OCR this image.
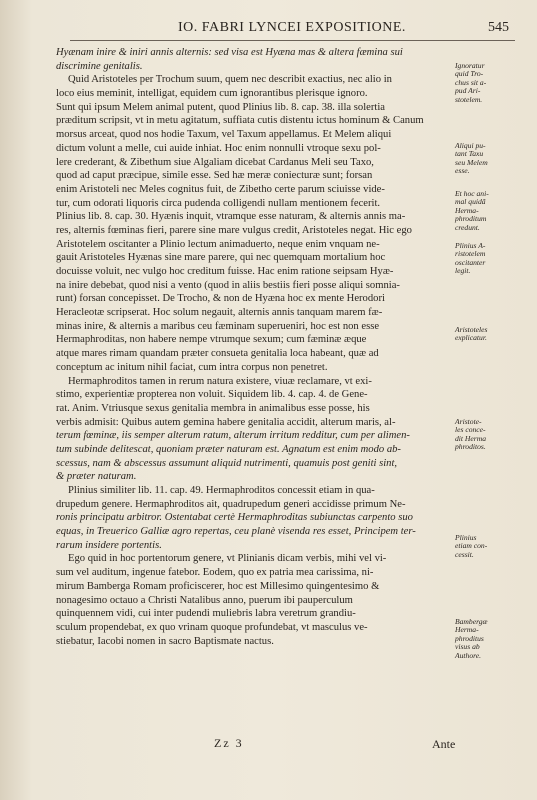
IO. FABRI LYNCEI EXPOSITIONE.	545
Hyænam inire & iniri annis alternis: sed visa est Hyæna mas & altera fæmina sui
discrimine genitalis.
Quid Aristoteles per Trochum suum, quem nec describit exactius, nec alio in
loco eius meminit, intelligat, equidem cum ignorantibus plerisque ignoro.
Sunt qui ipsum Melem animal putent, quod Plinius lib. 8. cap. 38. illa solertia
præditum scripsit, vt in metu agitatum, suffiata cutis distentu ictus hominum & Canum
morsus arceat, quod nos hodie Taxum, vel Taxum appellamus. Et Melem aliqui
dictum volunt a melle, cui auide inhiat. Hoc enim nonnulli vtroque sexu pol-
lere crederant, & Zibethum siue Algaliam dicebat Cardanus Meli seu Taxo,
quod ad caput præcipue, simile esse. Sed hæ meræ coniecturæ sunt; forsan
enim Aristoteli nec Meles cognitus fuit, de Zibetho certe parum sciuisse vide-
tur, cum odorati liquoris circa pudenda colligendi nullam mentionem fecerit.
Plinius lib. 8. cap. 30. Hyænis inquit, vtramque esse naturam, & alternis annis ma-
res, alternis fœminas fieri, parere sine mare vulgus credit, Aristoteles negat. Hic ego
Aristotelem oscitanter a Plinio lectum animaduerto, neque enim vnquam ne-
gauit Aristoteles Hyænas sine mare parere, qui nec quemquam mortalium hoc
docuisse voluit, nec vulgo hoc creditum fuisse. Hac enim ratione seipsam Hyæ-
na inire debebat, quod nisi a vento (quod in aliis bestiis fieri posse aliqui somnia-
runt) forsan concepisset. De Trocho, & non de Hyæna hoc ex mente Herodori
Heracleotæ scripserat. Hoc solum negauit, alternis annis tanquam marem fæ-
minas inire, & alternis a maribus ceu fæminam superueniri, hoc est non esse
Hermaphroditas, non habere nempe vtrumque sexum; cum fæminæ æque
atque mares rimam quandam præter consueta genitalia loca habeant, quæ ad
conceptum ac initum nihil faciat, cum intra corpus non penetret.
Hermaphroditos tamen in rerum natura existere, viuæ reclamare, vt exi-
stimo, experientiæ propterea non voluit. Siquidem lib. 4. cap. 4. de Gene-
rat. Anim. Vtriusque sexus genitalia membra in animalibus esse posse, his
verbis admisit: Quibus autem gemina habere genitalia accidit, alterum maris, al-
terum fœminæ, iis semper alterum ratum, alterum irritum redditur, cum per alimen-
tum subinde delitescat, quoniam præter naturam est. Agnatum est enim modo ab-
scessus, nam & abscessus assumunt aliquid nutrimenti, quamuis post geniti sint,
& præter naturam.
Plinius similiter lib. 11. cap. 49. Hermaphroditos concessit etiam in qua-
drupedum genere. Hermaphroditos ait, quadrupedum generi accidisse primum Ne-
ronis principatu arbitror. Ostentabat certè Hermaphroditas subiunctas carpento suo
equas, in Treuerico Galliæ agro repertas, ceu planè visenda res esset, Principem ter-
rarum insidere portentis.
Ego quid in hoc portentorum genere, vt Plinianis dicam verbis, mihi vel vi-
sum vel auditum, ingenue fatebor. Eodem, quo ex patria mea carissima, ni-
mirum Bamberga Romam proficiscerer, hoc est Millesimo quingentesimo &
nonagesimo octauo a Christi Natalibus anno, puerum ibi pauperculum
quinquennem vidi, cui inter pudendi muliebris labra veretrum grandiu-
sculum propendebat, ex quo vrinam quoque profundebat, vt masculus ve-
stiebatur, Iacobi nomen in sacro Baptismate nactus.
Ignoratur
quid Tro-
chus sit a-
pud Ari-
stotelem.
Aliqui pu-
tant Taxu
seu Melem
esse.
Et hoc ani-
mal quidã
Herma-
phroditum
credunt.
Plinius A-
ristotelem
oscitanter
legit.
Aristoteles
explicatur.
Aristote-
les conce-
dit Herma
phroditos.
Plinius
etiam con-
cessit.
Bambergæ
Herma-
phroditus
visus ab
Authore.
Zz 3	Ante
